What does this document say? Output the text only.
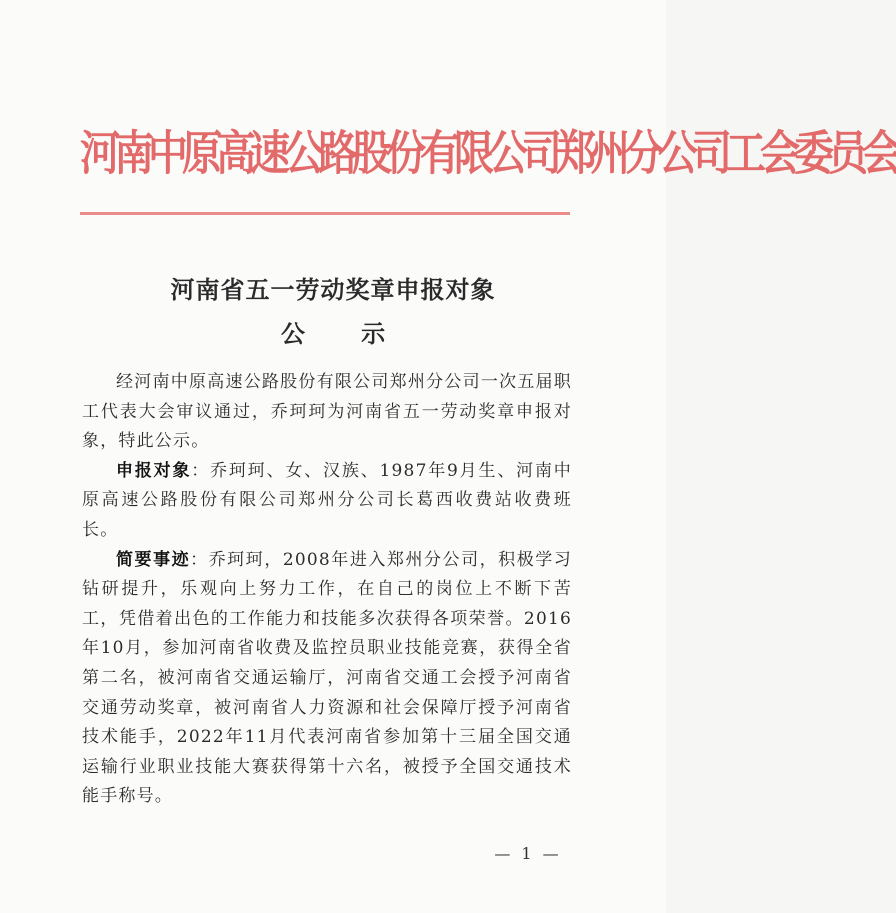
河南中原高速公路股份有限公司郑州分公司工会委员会
河南省五一劳动奖章申报对象
公 示

经河南中原高速公路股份有限公司郑州分公司一次五届职工代表大会审议通过，乔珂珂为河南省五一劳动奖章申报对象，特此公示。

申报对象：乔珂珂、女、汉族、1987年9月生、河南中原高速公路股份有限公司郑州分公司长葛西收费站收费班长。

简要事迹：乔珂珂，2008年进入郑州分公司，积极学习钻研提升，乐观向上努力工作，在自己的岗位上不断下苦工，凭借着出色的工作能力和技能多次获得各项荣誉。2016年10月，参加河南省收费及监控员职业技能竞赛，获得全省第二名，被河南省交通运输厅，河南省交通工会授予河南省交通劳动奖章，被河南省人力资源和社会保障厅授予河南省技术能手，2022年11月代表河南省参加第十三届全国交通运输行业职业技能大赛获得第十六名，被授予全国交通技术能手称号。

— 1 —
